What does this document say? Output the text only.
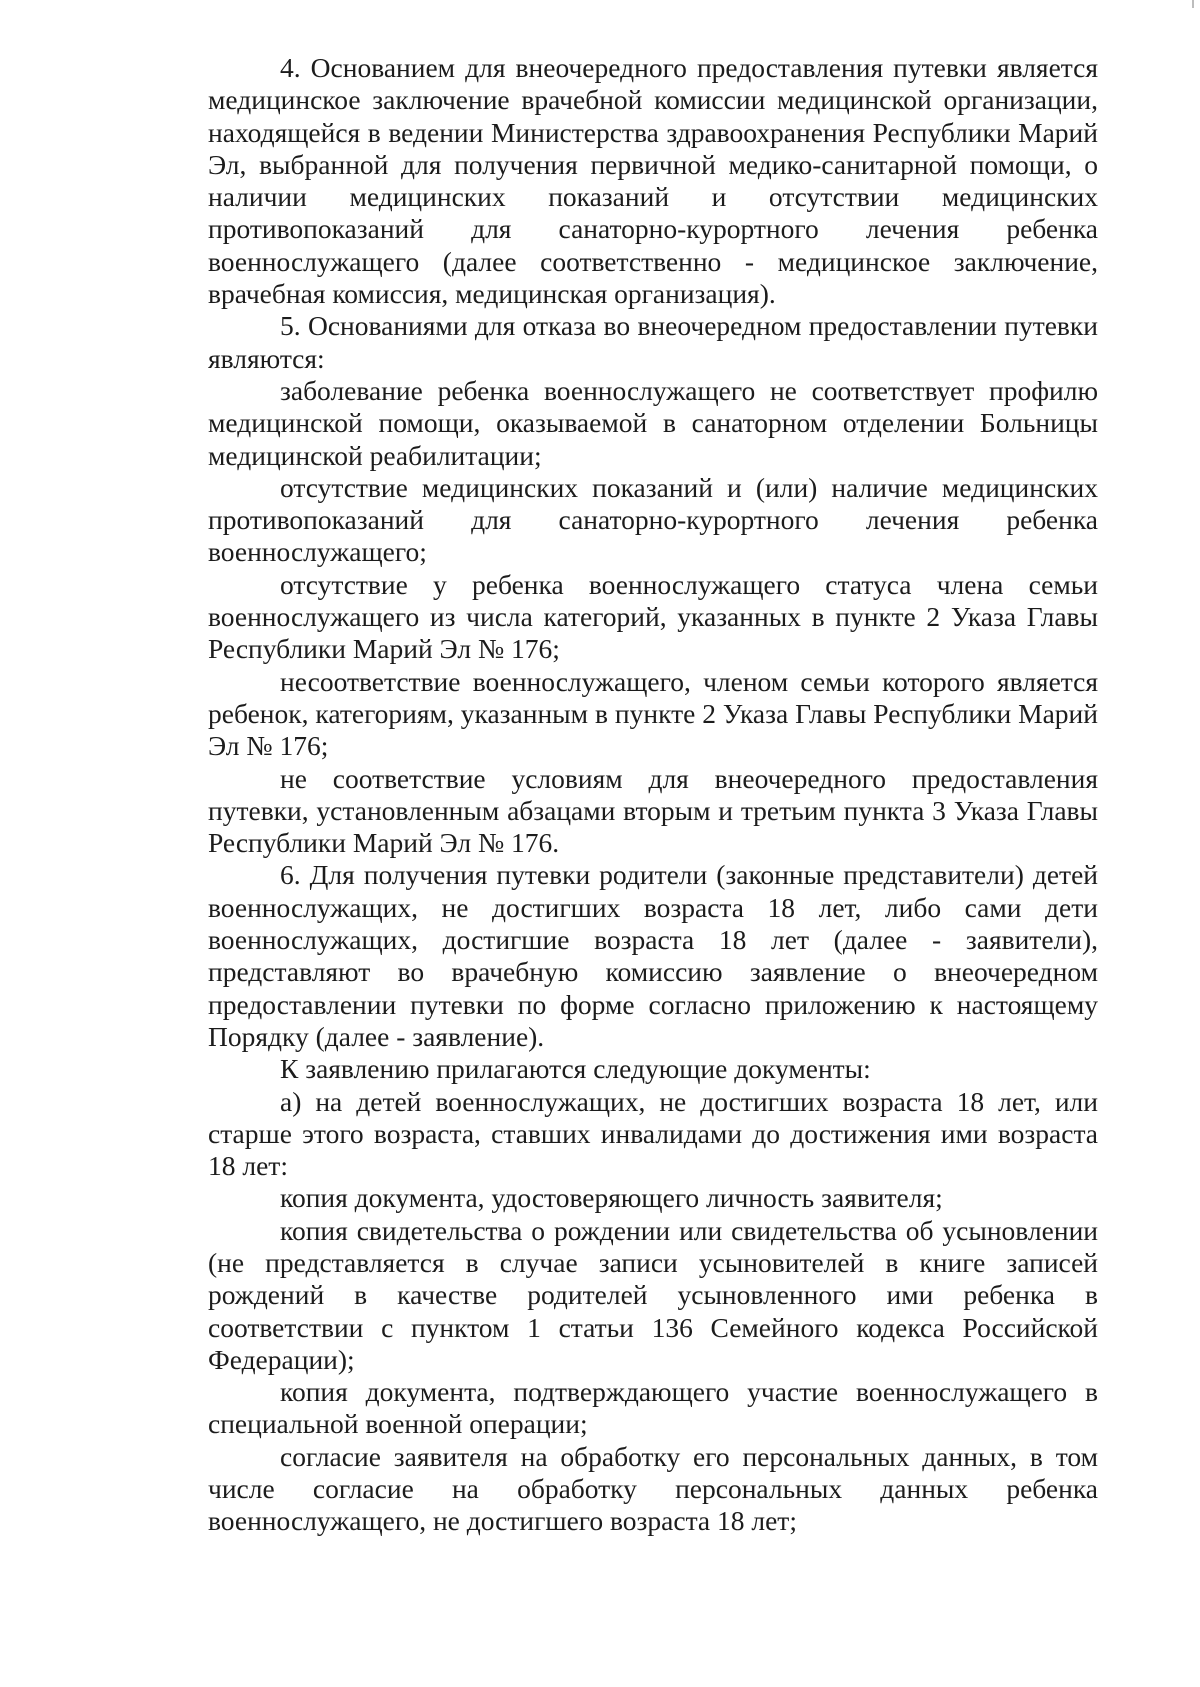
4. Основанием для внеочередного предоставления путевки является медицинское заключение врачебной комиссии медицинской организации, находящейся в ведении Министерства здравоохранения Республики Марий Эл, выбранной для получения первичной медико-санитарной помощи, о наличии медицинских показаний и отсутствии медицинских противопоказаний для санаторно-курортного лечения ребенка военнослужащего (далее соответственно - медицинское заключение, врачебная комиссия, медицинская организация).

5. Основаниями для отказа во внеочередном предоставлении путевки являются:

заболевание ребенка военнослужащего не соответствует профилю медицинской помощи, оказываемой в санаторном отделении Больницы медицинской реабилитации;

отсутствие медицинских показаний и (или) наличие медицинских противопоказаний для санаторно-курортного лечения ребенка военнослужащего;

отсутствие у ребенка военнослужащего статуса члена семьи военнослужащего из числа категорий, указанных в пункте 2 Указа Главы Республики Марий Эл № 176;

несоответствие военнослужащего, членом семьи которого является ребенок, категориям, указанным в пункте 2 Указа Главы Республики Марий Эл № 176;

не соответствие условиям для внеочередного предоставления путевки, установленным абзацами вторым и третьим пункта 3 Указа Главы Республики Марий Эл № 176.

6. Для получения путевки родители (законные представители) детей военнослужащих, не достигших возраста 18 лет, либо сами дети военнослужащих, достигшие возраста 18 лет (далее - заявители), представляют во врачебную комиссию заявление о внеочередном предоставлении путевки по форме согласно приложению к настоящему Порядку (далее - заявление).

К заявлению прилагаются следующие документы:

а) на детей военнослужащих, не достигших возраста 18 лет, или старше этого возраста, ставших инвалидами до достижения ими возраста 18 лет:

копия документа, удостоверяющего личность заявителя;

копия свидетельства о рождении или свидетельства об усыновлении (не представляется в случае записи усыновителей в книге записей рождений в качестве родителей усыновленного ими ребенка в соответствии с пунктом 1 статьи 136 Семейного кодекса Российской Федерации);

копия документа, подтверждающего участие военнослужащего в специальной военной операции;

согласие заявителя на обработку его персональных данных, в том числе согласие на обработку персональных данных ребенка военнослужащего, не достигшего возраста 18 лет;
